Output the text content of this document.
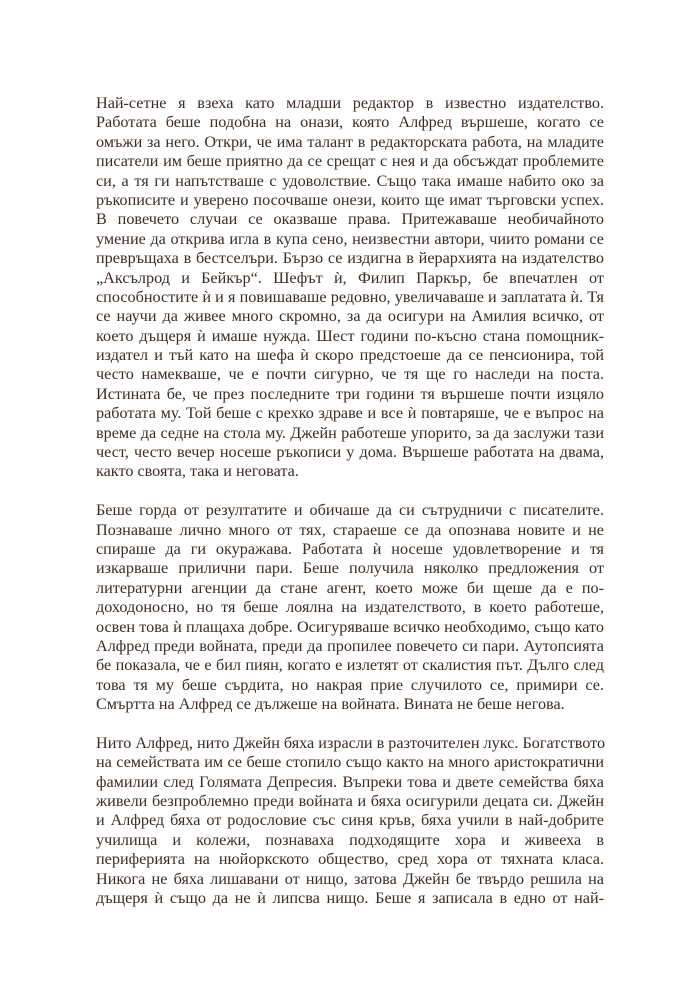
Най-сетне я взеха като младши редактор в известно издателство.
Работата беше подобна на онази, която Алфред вършеше, когато се
омъжи за него. Откри, че има талант в редакторската работа, на младите
писатели им беше приятно да се срещат с нея и да обсъждат проблемите
си, а тя ги напътстваше с удоволствие. Също така имаше набито око за
ръкописите и уверено посочваше онези, които ще имат търговски успех.
В повечето случаи се оказваше права. Притежаваше необичайното
умение да открива игла в купа сено, неизвестни автори, чиито романи се
превръщаха в бестселъри. Бързо се издигна в йерархията на издателство
„Аксълрод и Бейкър“. Шефът ѝ, Филип Паркър, бе впечатлен от
способностите ѝ и я повишаваше редовно, увеличаваше и заплатата ѝ. Тя
се научи да живее много скромно, за да осигури на Амилия всичко, от
което дъщеря ѝ имаше нужда. Шест години по-късно стана помощник-
издател и тъй като на шефа ѝ скоро предстоеше да се пенсионира, той
често намекваше, че е почти сигурно, че тя ще го наследи на поста.
Истината бе, че през последните три години тя вършеше почти изцяло
работата му. Той беше с крехко здраве и все ѝ повтаряше, че е въпрос на
време да седне на стола му. Джейн работеше упорито, за да заслужи тази
чест, често вечер носеше ръкописи у дома. Вършеше работата на двама,
както своята, така и неговата.
Беше горда от резултатите и обичаше да си сътрудничи с писателите.
Познаваше лично много от тях, стараеше се да опознава новите и не
спираше да ги окуражава. Работата ѝ носеше удовлетворение и тя
изкарваше прилични пари. Беше получила няколко предложения от
литературни агенции да стане агент, което може би щеше да е по-
доходоносно, но тя беше лоялна на издателството, в което работеше,
освен това ѝ плащаха добре. Осигуряваше всичко необходимо, също като
Алфред преди войната, преди да пропилее повечето си пари. Аутопсията
бе показала, че е бил пиян, когато е излетят от скалистия път. Дълго след
това тя му беше сърдита, но накрая прие случилото се, примири се.
Смъртта на Алфред се дължеше на войната. Вината не беше негова.
Нито Алфред, нито Джейн бяха израсли в разточителен лукс. Богатството
на семействата им се беше стопило също както на много аристократични
фамилии след Голямата Депресия. Въпреки това и двете семейства бяха
живели безпроблемно преди войната и бяха осигурили децата си. Джейн
и Алфред бяха от родословие със синя кръв, бяха учили в най-добрите
училища и колежи, познаваха подходящите хора и живееха в
периферията на нюйоркското общество, сред хора от тяхната класа.
Никога не бяха лишавани от нищо, затова Джейн бе твърдо решила на
дъщеря ѝ също да не ѝ липсва нищо. Беше я записала в едно от най-
